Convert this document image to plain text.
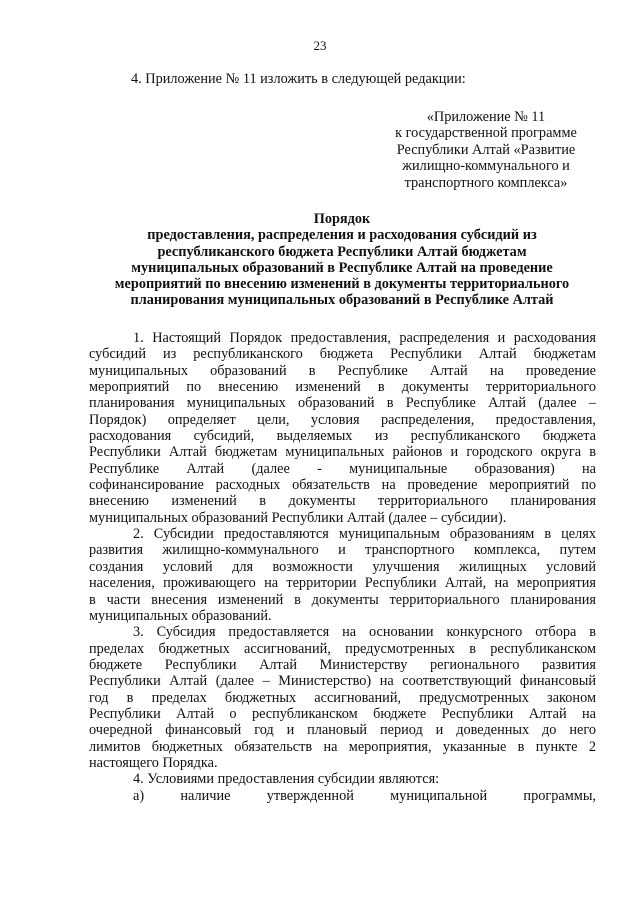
23
4. Приложение № 11 изложить в следующей редакции:
«Приложение № 11
к государственной программе
Республики Алтай «Развитие
жилищно-коммунального и
транспортного комплекса»
Порядок
предоставления, распределения и расходования субсидий из
республиканского бюджета Республики Алтай бюджетам
муниципальных образований в Республике Алтай на проведение
мероприятий по внесению изменений в документы территориального
планирования муниципальных образований в Республике Алтай
1. Настоящий Порядок предоставления, распределения и расходования
субсидий из республиканского бюджета Республики Алтай бюджетам
муниципальных образований в Республике Алтай на проведение
мероприятий по внесению изменений в документы территориального
планирования муниципальных образований в Республике Алтай (далее –
Порядок) определяет цели, условия распределения, предоставления,
расходования субсидий, выделяемых из республиканского бюджета
Республики Алтай бюджетам муниципальных районов и городского округа в
Республике Алтай (далее - муниципальные образования) на
софинансирование расходных обязательств на проведение мероприятий по
внесению изменений в документы территориального планирования
муниципальных образований Республики Алтай (далее – субсидии).
2. Субсидии предоставляются муниципальным образованиям в целях
развития жилищно-коммунального и транспортного комплекса, путем
создания условий для возможности улучшения жилищных условий
населения, проживающего на территории Республики Алтай, на мероприятия
в части внесения изменений в документы территориального планирования
муниципальных образований.
3. Субсидия предоставляется на основании конкурсного отбора в
пределах бюджетных ассигнований, предусмотренных в республиканском
бюджете Республики Алтай Министерству регионального развития
Республики Алтай (далее – Министерство) на соответствующий финансовый
год в пределах бюджетных ассигнований, предусмотренных законом
Республики Алтай о республиканском бюджете Республики Алтай на
очередной финансовый год и плановый период и доведенных до него
лимитов бюджетных обязательств на мероприятия, указанные в пункте 2
настоящего Порядка.
4. Условиями предоставления субсидии являются:
а) наличие утвержденной муниципальной программы,
